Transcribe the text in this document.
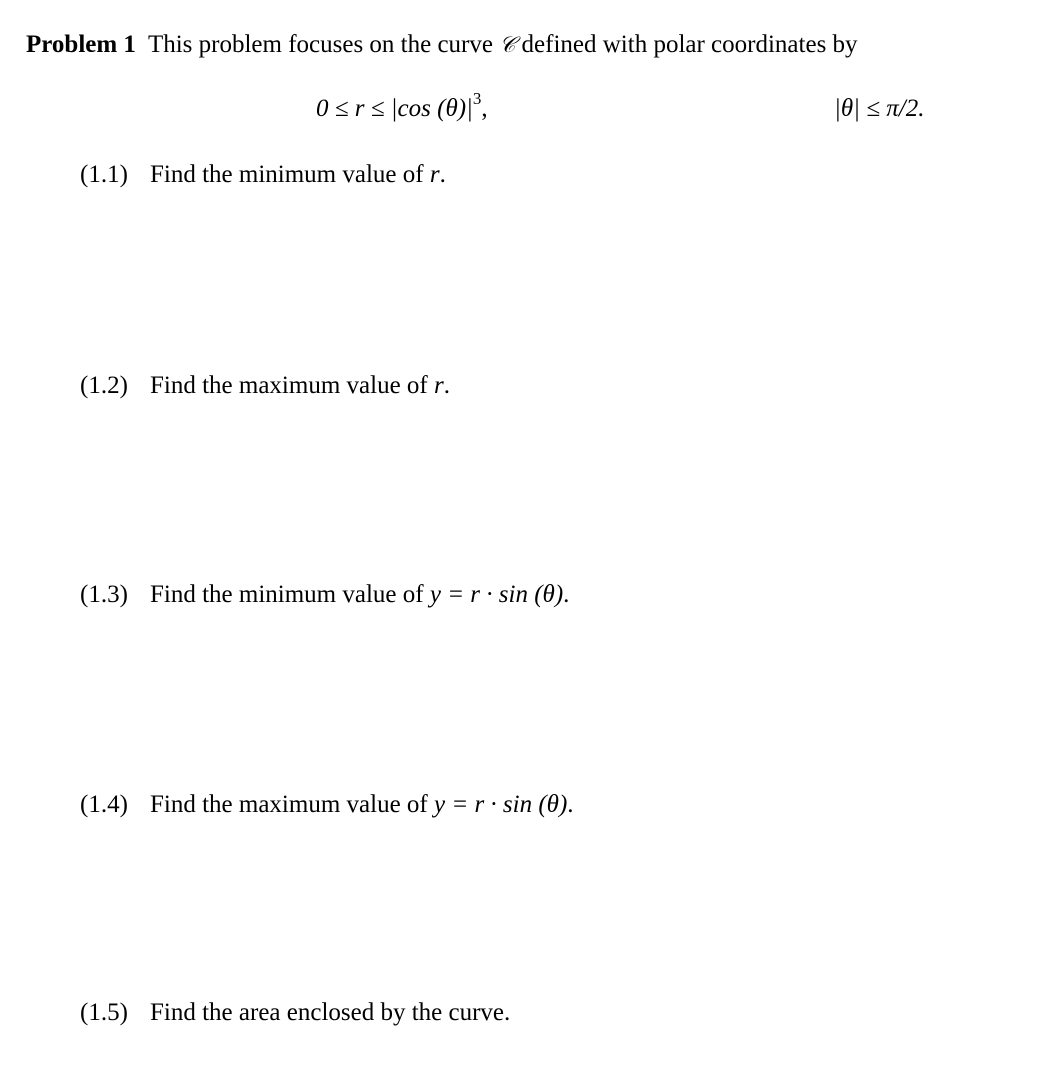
Problem 1 This problem focuses on the curve 𝒞 defined with polar coordinates by
0 ≤ r ≤ |cos $(\theta)|^3$,	|θ| ≤ π/2.
(1.1) Find the minimum value of r.
(1.2) Find the maximum value of r.
(1.3) Find the minimum value of y = r · sin (θ).
(1.4) Find the maximum value of y = r · sin (θ).
(1.5) Find the area enclosed by the curve.
